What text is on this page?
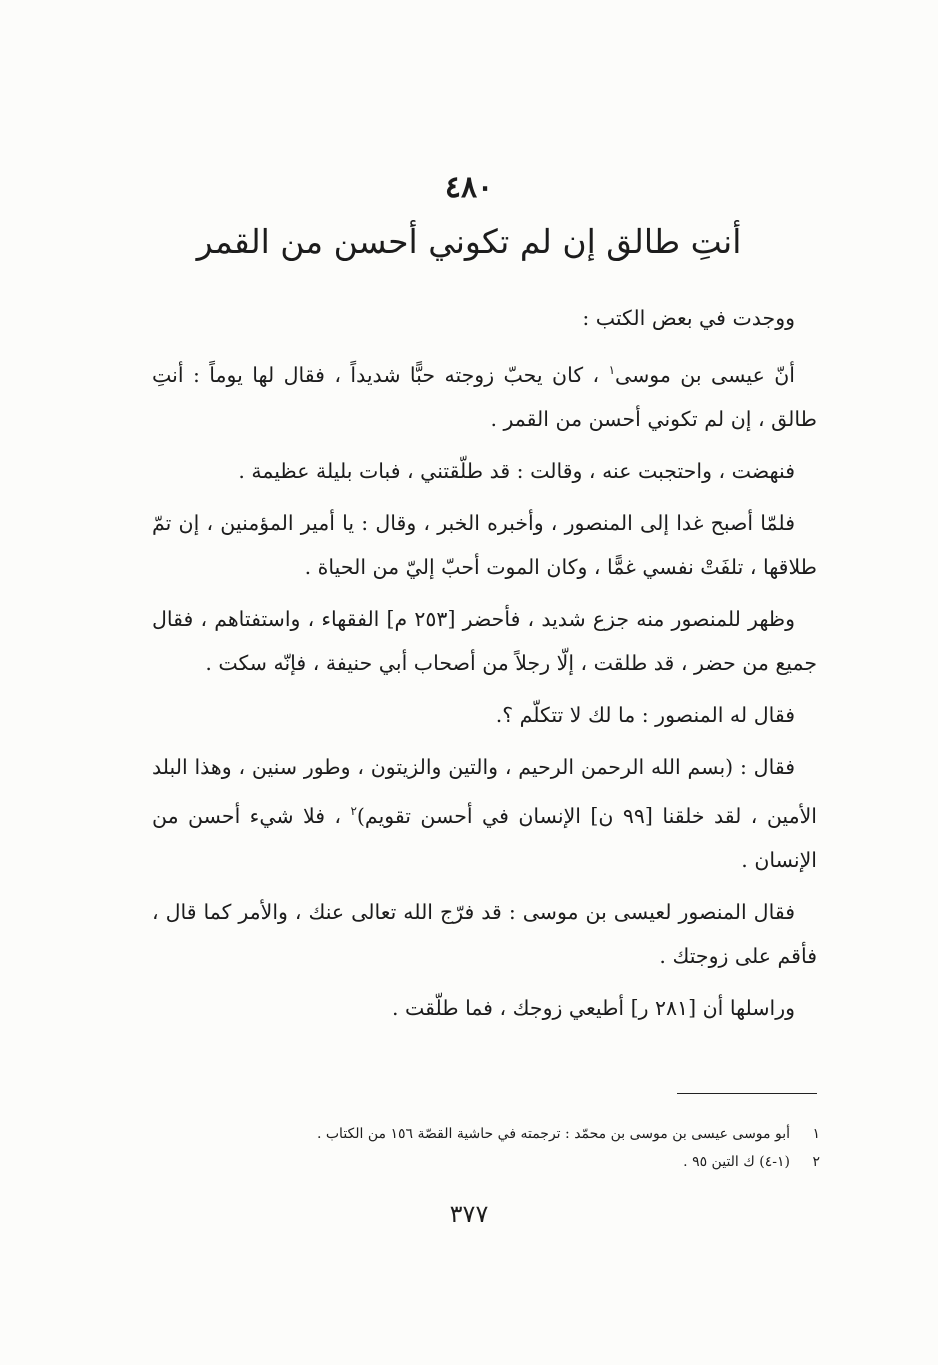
٤٨٠
أنتِ طالق إن لم تكوني أحسن من القمر

ووجدت في بعض الكتب :

أنّ عيسى بن موسى$^١$ ، كان يحبّ زوجته حبًّا شديداً ، فقال لها يوماً : أنتِ طالق ، إن لم تكوني أحسن من القمر .

فنهضت ، واحتجبت عنه ، وقالت : قد طلّقتني ، فبات بليلة عظيمة .

فلمّا أصبح غدا إلى المنصور ، وأخبره الخبر ، وقال : يا أمير المؤمنين ، إن تمّ طلاقها ، تلفَتْ نفسي غمًّا ، وكان الموت أحبّ إليّ من الحياة .

وظهر للمنصور منه جزع شديد ، فأحضر [٢٥٣ م] الفقهاء ، واستفتاهم ، فقال جميع من حضر ، قد طلقت ، إلّا رجلاً من أصحاب أبي حنيفة ، فإنّه سكت .

فقال له المنصور : ما لك لا تتكلّم ؟.

فقال : (بسم الله الرحمن الرحيم ، والتين والزيتون ، وطور سنين ، وهذا البلد الأمين ، لقد خلقنا [٩٩ ن] الإنسان في أحسن تقويم)$^٢$ ، فلا شيء أحسن من الإنسان .

فقال المنصور لعيسى بن موسى : قد فرّج الله تعالى عنك ، والأمر كما قال ، فأقم على زوجتك .

وراسلها أن [٢٨١ ر] أطيعي زوجك ، فما طلّقت .

١أبو موسى عيسى بن موسى بن محمّد : ترجمته في حاشية القصّة ١٥٦ من الكتاب .
٢(١-٤) ك التين ٩٥ .
٣٧٧
